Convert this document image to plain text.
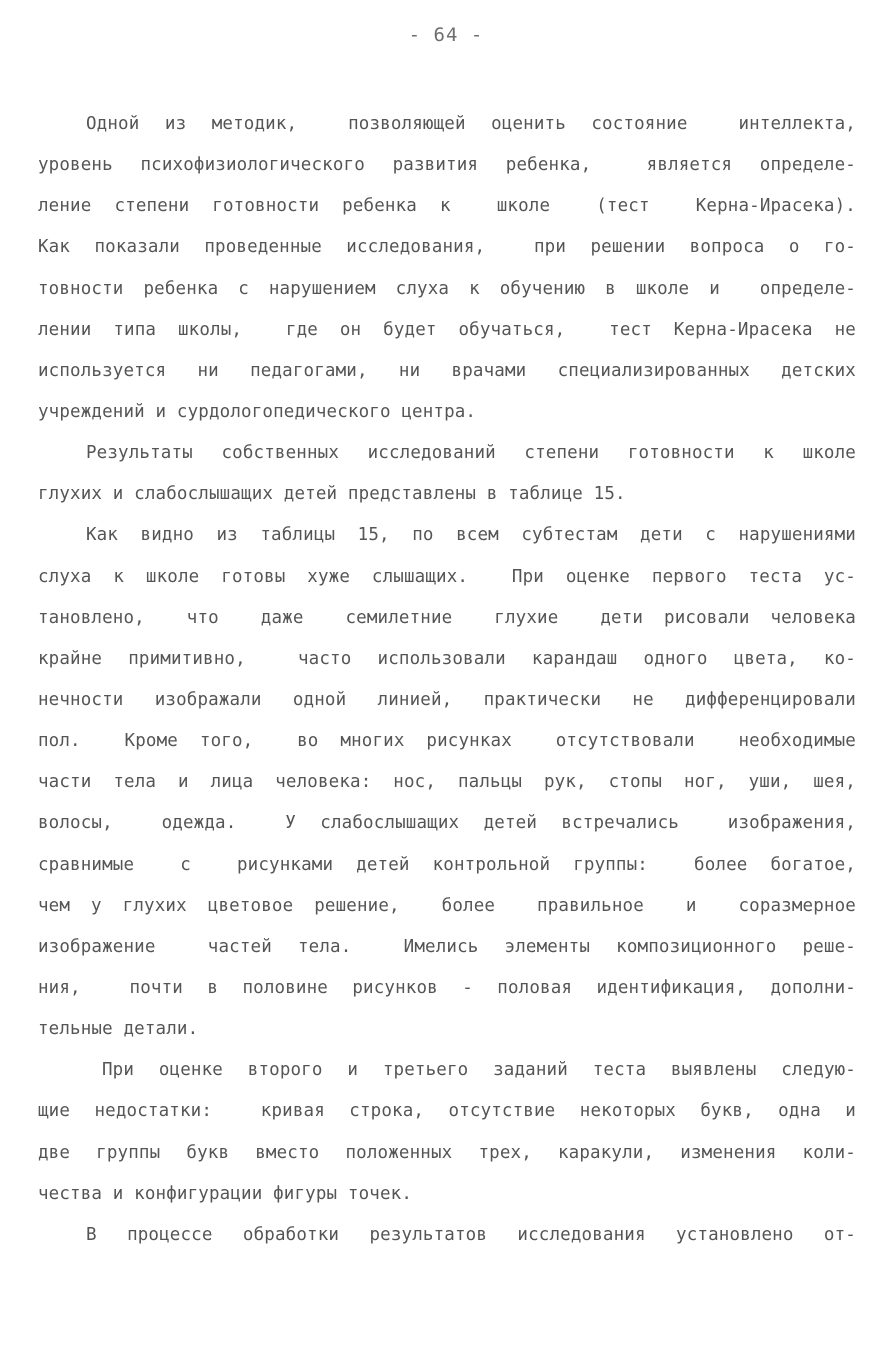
- 64 -
Одной из методик,  позволяющей оценить состояние  интеллекта,
уровень психофизиологического развития ребенка,  является определе-
ление степени готовности ребенка к  школе  (тест  Керна-Ирасека).
Как показали проведенные исследования,  при решении вопроса о го-
товности ребенка с нарушением слуха к обучению в школе и  определе-
лении типа школы,  где он будет обучаться,  тест Керна-Ирасека не
используется ни педагогами, ни врачами специализированных детских
учреждений и сурдологопедического центра.
Результаты собственных исследований степени готовности к школе
глухих и слабослышащих детей представлены в таблице 15.
Как видно из таблицы 15, по всем субтестам дети с нарушениями
слуха к школе готовы хуже слышащих.  При оценке первого теста ус-
тановлено,  что  даже  семилетние  глухие  дети рисовали человека
крайне примитивно,  часто использовали карандаш одного цвета, ко-
нечности изображали одной линией, практически не дифференцировали
пол.  Кроме того,  во многих рисунках  отсутствовали  необходимые
части тела и лица человека: нос, пальцы рук, стопы ног, уши, шея,
волосы,  одежда.  У слабослышащих детей встречались  изображения,
сравнимые  с  рисунками детей контрольной группы:  более богатое,
чем у глухих цветовое решение,  более  правильное  и  соразмерное
изображение  частей тела.  Имелись элементы композиционного реше-
ния,  почти в половине рисунков - половая идентификация, дополни-
тельные детали.
При оценке второго и третьего заданий теста выявлены следую-
щие недостатки:  кривая строка, отсутствие некоторых букв, одна и
две группы букв вместо положенных трех, каракули, изменения коли-
чества и конфигурации фигуры точек.
В процессе обработки результатов исследования установлено от-
